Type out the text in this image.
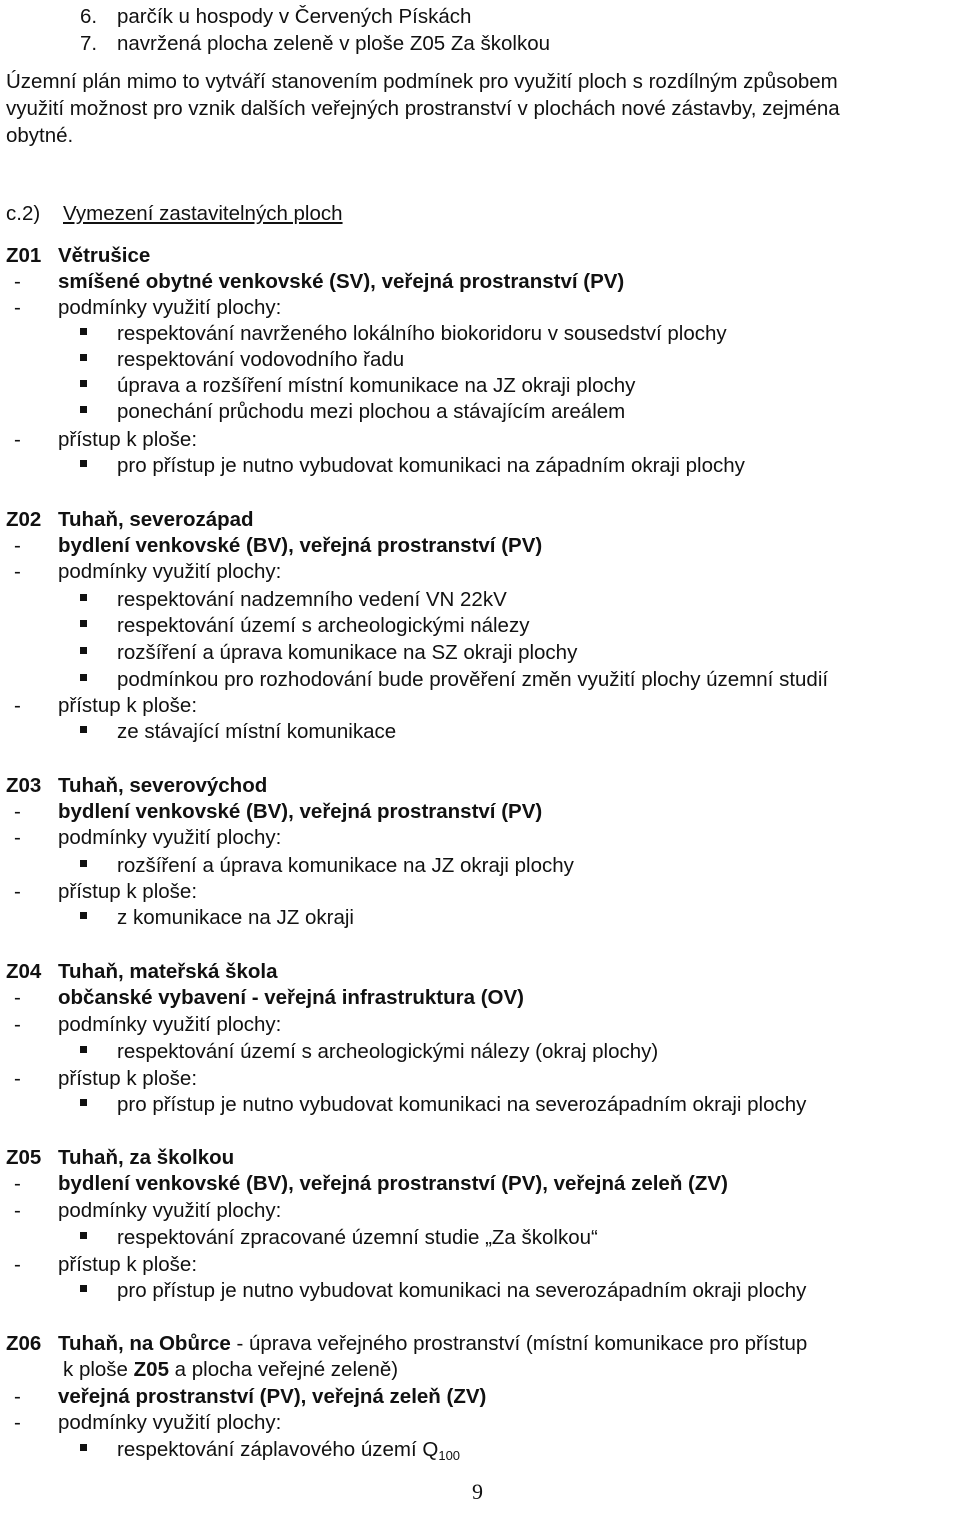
6. parčík u hospody v Červených Pískách
7. navržená plocha zeleně v ploše Z05 Za školkou
Územní plán mimo to vytváří stanovením podmínek pro využití ploch s rozdílným způsobem
využití možnost pro vznik dalších veřejných prostranství v plochách nové zástavby, zejména
obytné.
c.2) Vymezení zastavitelných ploch
Z01 Větrušice
- smíšené obytné venkovské (SV), veřejná prostranství (PV)
- podmínky využití plochy:
respektování navrženého lokálního biokoridoru v sousedství plochy
respektování vodovodního řadu
úprava a rozšíření místní komunikace na JZ okraji plochy
ponechání průchodu mezi plochou a stávajícím areálem
- přístup k ploše:
pro přístup je nutno vybudovat komunikaci na západním okraji plochy
Z02 Tuhaň, severozápad
- bydlení venkovské (BV), veřejná prostranství (PV)
- podmínky využití plochy:
respektování nadzemního vedení VN 22kV
respektování území s archeologickými nálezy
rozšíření a úprava komunikace na SZ okraji plochy
podmínkou pro rozhodování bude prověření změn využití plochy územní studií
- přístup k ploše:
ze stávající místní komunikace
Z03 Tuhaň, severovýchod
- bydlení venkovské (BV), veřejná prostranství (PV)
- podmínky využití plochy:
rozšíření a úprava komunikace na JZ okraji plochy
- přístup k ploše:
z komunikace na JZ okraji
Z04 Tuhaň, mateřská škola
- občanské vybavení - veřejná infrastruktura (OV)
- podmínky využití plochy:
respektování území s archeologickými nálezy (okraj plochy)
- přístup k ploše:
pro přístup je nutno vybudovat komunikaci na severozápadním okraji plochy
Z05 Tuhaň, za školkou
- bydlení venkovské (BV), veřejná prostranství (PV), veřejná zeleň (ZV)
- podmínky využití plochy:
respektování zpracované územní studie „Za školkou“
- přístup k ploše:
pro přístup je nutno vybudovat komunikaci na severozápadním okraji plochy
Z06 Tuhaň, na Obůrce - úprava veřejného prostranství (místní komunikace pro přístup
k ploše Z05 a plocha veřejné zeleně)
- veřejná prostranství (PV), veřejná zeleň (ZV)
- podmínky využití plochy:
respektování záplavového území $Q_{100}$
9
